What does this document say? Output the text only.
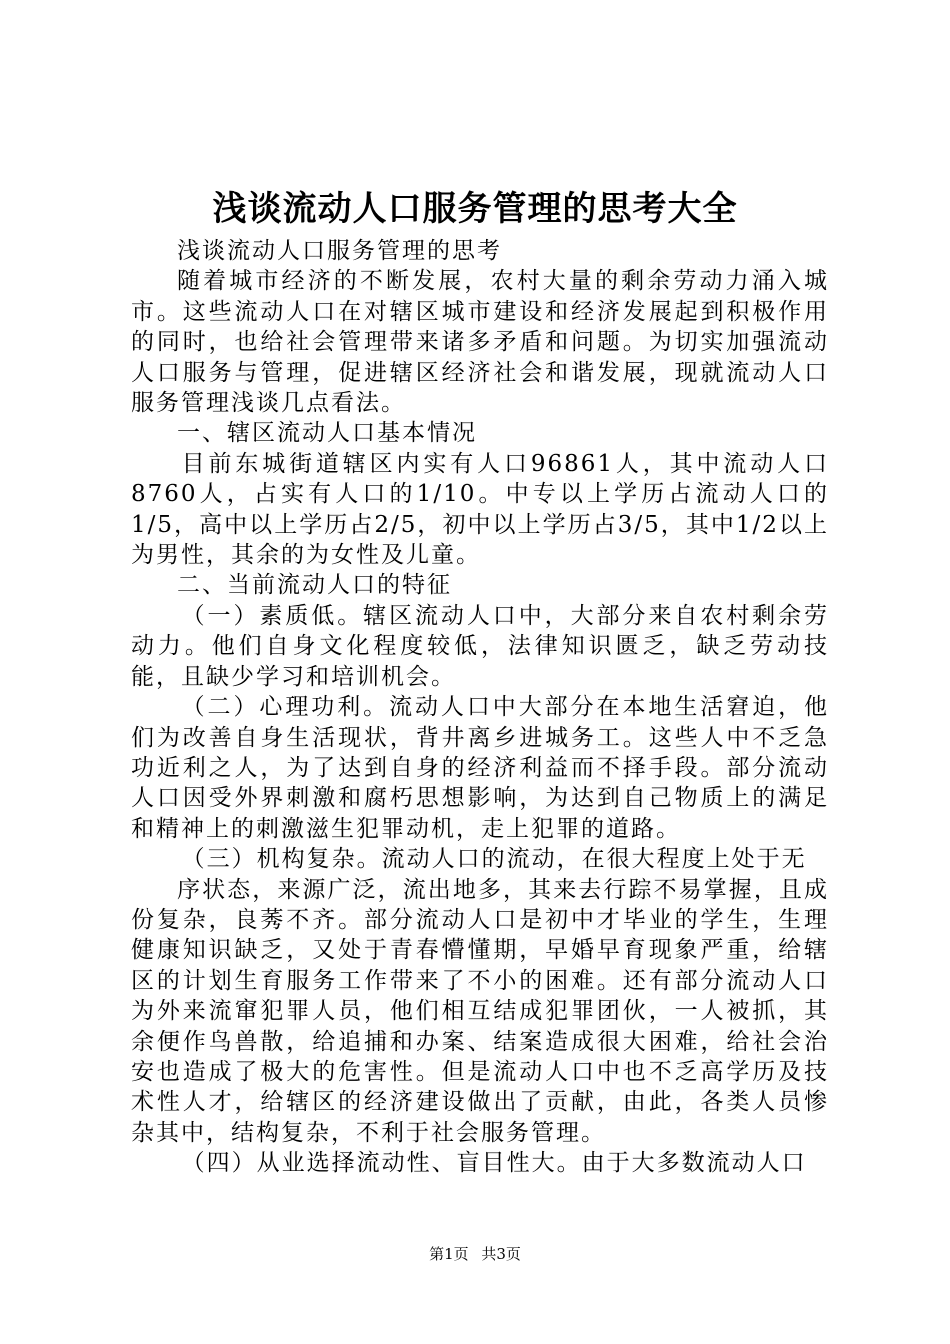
浅谈流动人口服务管理的思考大全

浅谈流动人口服务管理的思考

随着城市经济的不断发展，农村大量的剩余劳动力涌入城市。这些流动人口在对辖区城市建设和经济发展起到积极作用的同时，也给社会管理带来诸多矛盾和问题。为切实加强流动人口服务与管理，促进辖区经济社会和谐发展，现就流动人口服务管理浅谈几点看法。

一、辖区流动人口基本情况

目前东城街道辖区内实有人口96861人，其中流动人口8760人，占实有人口的1/10。中专以上学历占流动人口的1/5，高中以上学历占2/5，初中以上学历占3/5，其中1/2以上为男性，其余的为女性及儿童。

二、当前流动人口的特征

（一）素质低。辖区流动人口中，大部分来自农村剩余劳动力。他们自身文化程度较低，法律知识匮乏，缺乏劳动技能，且缺少学习和培训机会。

（二）心理功利。流动人口中大部分在本地生活窘迫，他们为改善自身生活现状，背井离乡进城务工。这些人中不乏急功近利之人，为了达到自身的经济利益而不择手段。部分流动人口因受外界刺激和腐朽思想影响，为达到自己物质上的满足和精神上的刺激滋生犯罪动机，走上犯罪的道路。

（三）机构复杂。流动人口的流动，在很大程度上处于无

序状态，来源广泛，流出地多，其来去行踪不易掌握，且成份复杂，良莠不齐。部分流动人口是初中才毕业的学生，生理健康知识缺乏，又处于青春懵懂期，早婚早育现象严重，给辖区的计划生育服务工作带来了不小的困难。还有部分流动人口为外来流窜犯罪人员，他们相互结成犯罪团伙，一人被抓，其余便作鸟兽散，给追捕和办案、结案造成很大困难，给社会治安也造成了极大的危害性。但是流动人口中也不乏高学历及技术性人才，给辖区的经济建设做出了贡献，由此，各类人员惨杂其中，结构复杂，不利于社会服务管理。

（四）从业选择流动性、盲目性大。由于大多数流动人口

第1页 共3页
